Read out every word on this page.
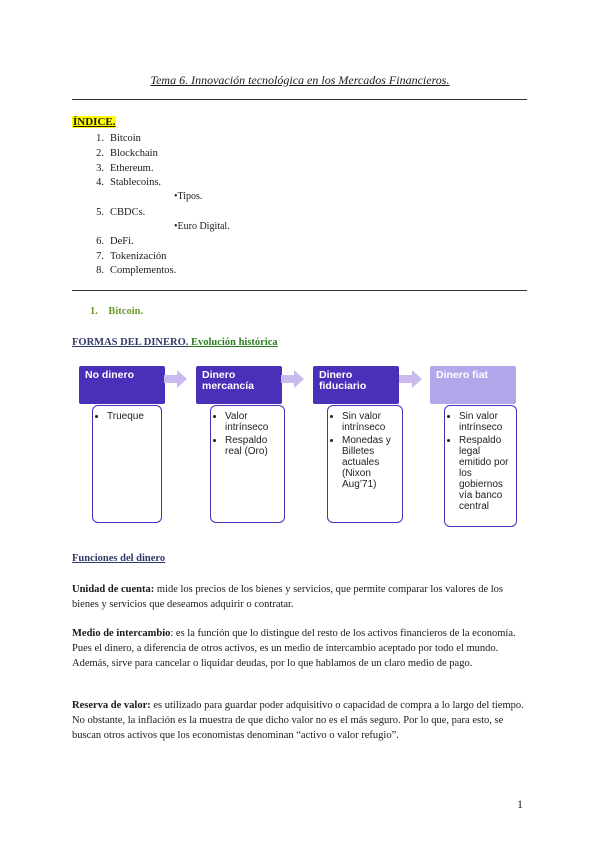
Tema 6. Innovación tecnológica en los Mercados Financieros.
ÍNDICE.
1. Bitcoin
2. Blockchain
3. Ethereum.
4. Stablecoins.
•Tipos.
5. CBDCs.
•Euro Digital.
6. DeFi.
7. Tokenización
8. Complementos.
1. Bitcoin.
FORMAS DEL DINERO. Evolución histórica
No dinero
• Trueque
Dinero mercancía
• Valor intrínseco
• Respaldo real (Oro)
Dinero fiduciario
• Sin valor intrínseco
• Monedas y Billetes actuales (Nixon Aug’71)
Dinero fiat
• Sin valor intrínseco
• Respaldo legal emitido por los gobiernos vía banco central
Funciones del dinero
Unidad de cuenta: mide los precios de los bienes y servicios, que permite comparar los valores de los bienes y servicios que deseamos adquirir o contratar.
Medio de intercambio: es la función que lo distingue del resto de los activos financieros de la economía. Pues el dinero, a diferencia de otros activos, es un medio de intercambio aceptado por todo el mundo. Además, sirve para cancelar o liquidar deudas, por lo que hablamos de un claro medio de pago.
Reserva de valor: es utilizado para guardar poder adquisitivo o capacidad de compra a lo largo del tiempo. No obstante, la inflación es la muestra de que dicho valor no es el más seguro. Por lo que, para esto, se buscan otros activos que los economistas denominan “activo o valor refugio”.
1
